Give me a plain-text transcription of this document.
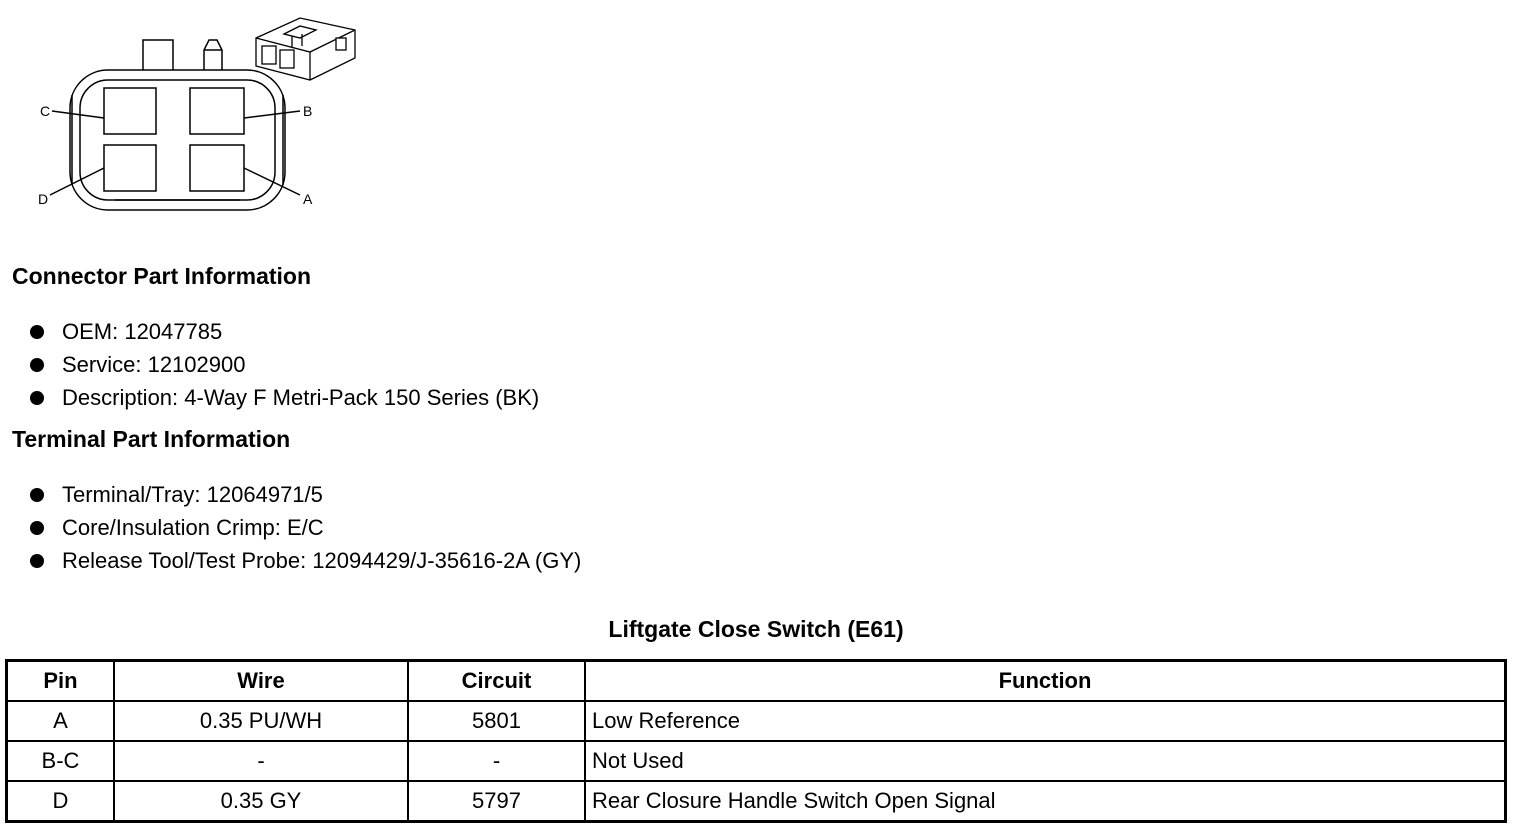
C	B
D	A
Connector Part Information
OEM: 12047785
Service: 12102900
Description: 4-Way F Metri-Pack 150 Series (BK)
Terminal Part Information
Terminal/Tray: 12064971/5
Core/Insulation Crimp: E/C
Release Tool/Test Probe: 12094429/J-35616-2A (GY)
Liftgate Close Switch (E61)
Pin	Wire	Circuit	Function
A	0.35 PU/WH	5801	Low Reference
B-C	-	-	Not Used
D	0.35 GY	5797	Rear Closure Handle Switch Open Signal
